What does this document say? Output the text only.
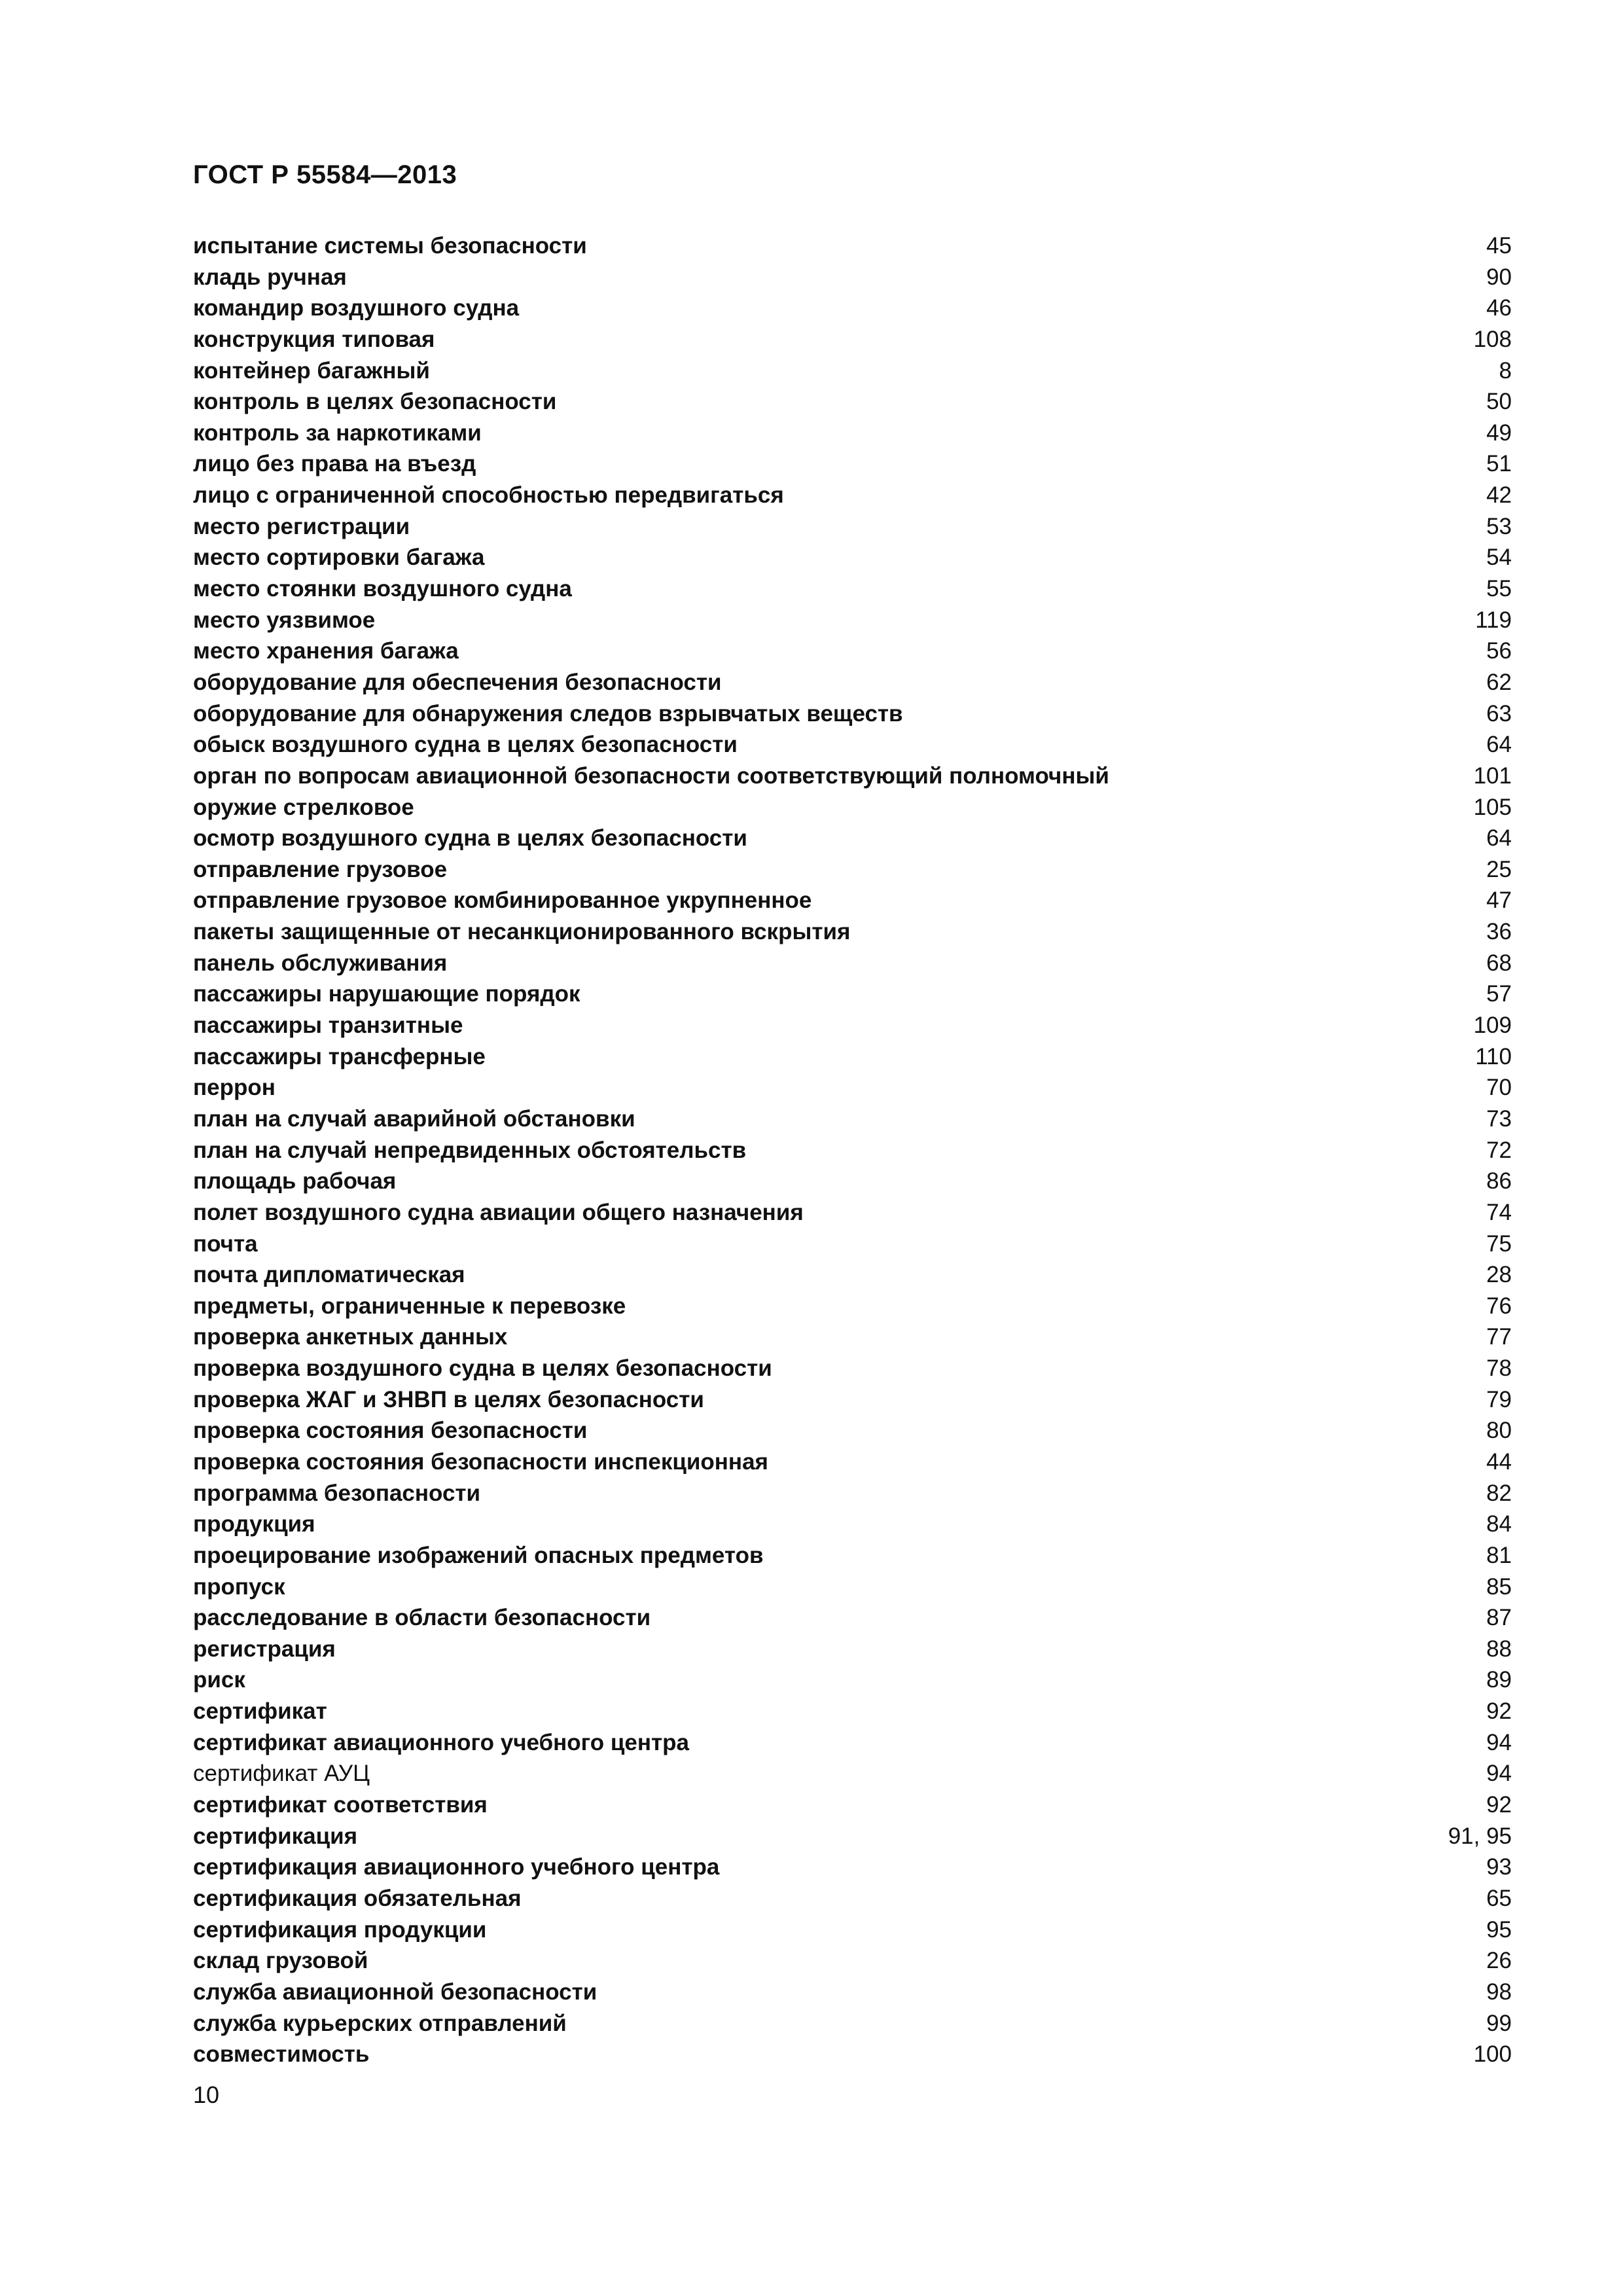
ГОСТ Р 55584—2013
испытание системы безопасности	45
кладь ручная	90
командир воздушного судна	46
конструкция типовая	108
контейнер багажный	8
контроль в целях безопасности	50
контроль за наркотиками	49
лицо без права на въезд	51
лицо с ограниченной способностью передвигаться	42
место регистрации	53
место сортировки багажа	54
место стоянки воздушного судна	55
место уязвимое	119
место хранения багажа	56
оборудование для обеспечения безопасности	62
оборудование для обнаружения следов взрывчатых веществ	63
обыск воздушного судна в целях безопасности	64
орган по вопросам авиационной безопасности соответствующий полномочный	101
оружие стрелковое	105
осмотр воздушного судна в целях безопасности	64
отправление грузовое	25
отправление грузовое комбинированное укрупненное	47
пакеты защищенные от несанкционированного вскрытия	36
панель обслуживания	68
пассажиры нарушающие порядок	57
пассажиры транзитные	109
пассажиры трансферные	110
перрон	70
план на случай аварийной обстановки	73
план на случай непредвиденных обстоятельств	72
площадь рабочая	86
полет воздушного судна авиации общего назначения	74
почта	75
почта дипломатическая	28
предметы, ограниченные к перевозке	76
проверка анкетных данных	77
проверка воздушного судна в целях безопасности	78
проверка ЖАГ и ЗНВП в целях безопасности	79
проверка состояния безопасности	80
проверка состояния безопасности инспекционная	44
программа безопасности	82
продукция	84
проецирование изображений опасных предметов	81
пропуск	85
расследование в области безопасности	87
регистрация	88
риск	89
сертификат	92
сертификат авиационного учебного центра	94
сертификат АУЦ	94
сертификат соответствия	92
сертификация	91, 95
сертификация авиационного учебного центра	93
сертификация обязательная	65
сертификация продукции	95
склад грузовой	26
служба авиационной безопасности	98
служба курьерских отправлений	99
совместимость	100
10
